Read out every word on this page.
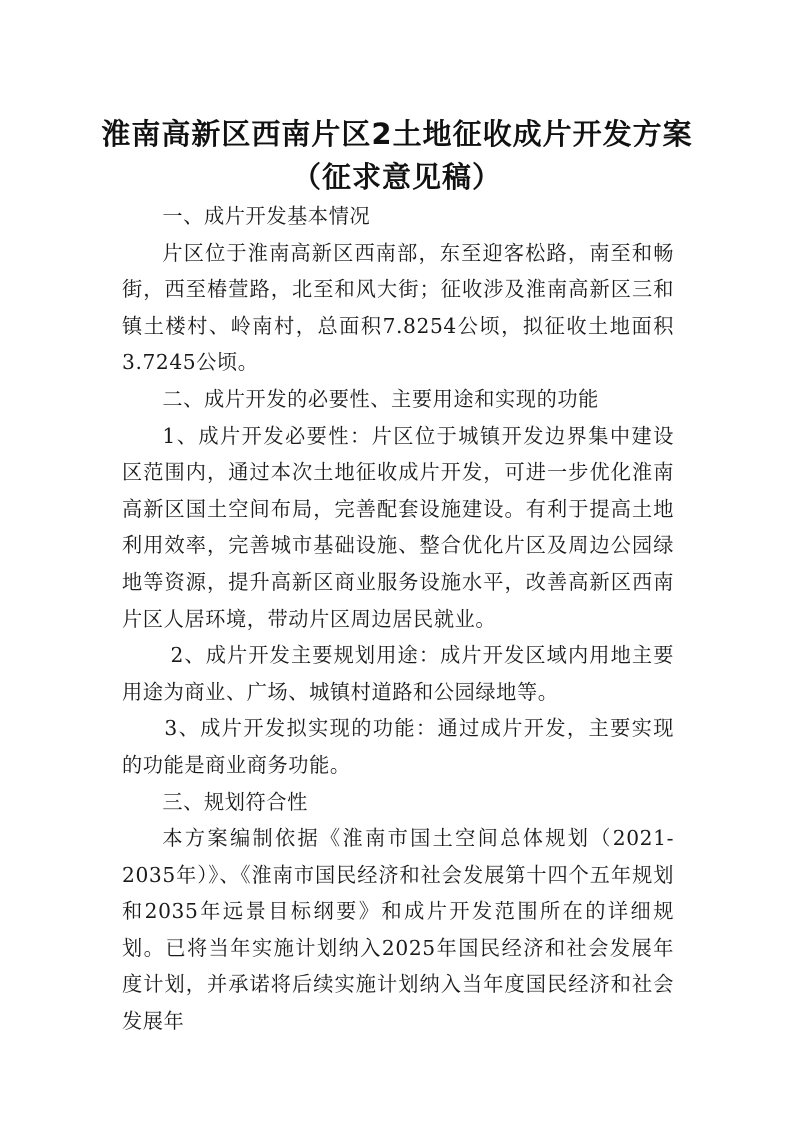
淮南高新区西南片区2土地征收成片开发方案
（征求意见稿）

一、成片开发基本情况

片区位于淮南高新区西南部，东至迎客松路，南至和畅街，西至椿萱路，北至和风大街；征收涉及淮南高新区三和镇土楼村、岭南村，总面积7.8254公顷，拟征收土地面积3.7245公顷。

二、成片开发的必要性、主要用途和实现的功能

1、成片开发必要性：片区位于城镇开发边界集中建设区范围内，通过本次土地征收成片开发，可进一步优化淮南高新区国土空间布局，完善配套设施建设。有利于提高土地利用效率，完善城市基础设施、整合优化片区及周边公园绿地等资源，提升高新区商业服务设施水平，改善高新区西南片区人居环境，带动片区周边居民就业。

2、成片开发主要规划用途：成片开发区域内用地主要用途为商业、广场、城镇村道路和公园绿地等。

3、成片开发拟实现的功能：通过成片开发，主要实现的功能是商业商务功能。

三、规划符合性

本方案编制依据《淮南市国土空间总体规划（2021-2035年）》、《淮南市国民经济和社会发展第十四个五年规划和2035年远景目标纲要》和成片开发范围所在的详细规划。已将当年实施计划纳入2025年国民经济和社会发展年度计划，并承诺将后续实施计划纳入当年度国民经济和社会发展年
